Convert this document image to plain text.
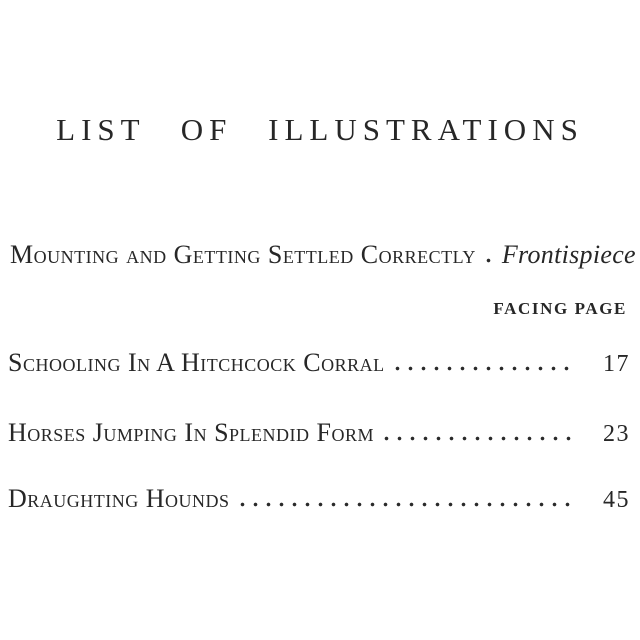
LIST OF ILLUSTRATIONS
Mounting and Getting Settled Correctly Frontispiece
FACING PAGE
Schooling In A Hitchcock Corral	17
Horses Jumping In Splendid Form	23
Draughting Hounds	45
